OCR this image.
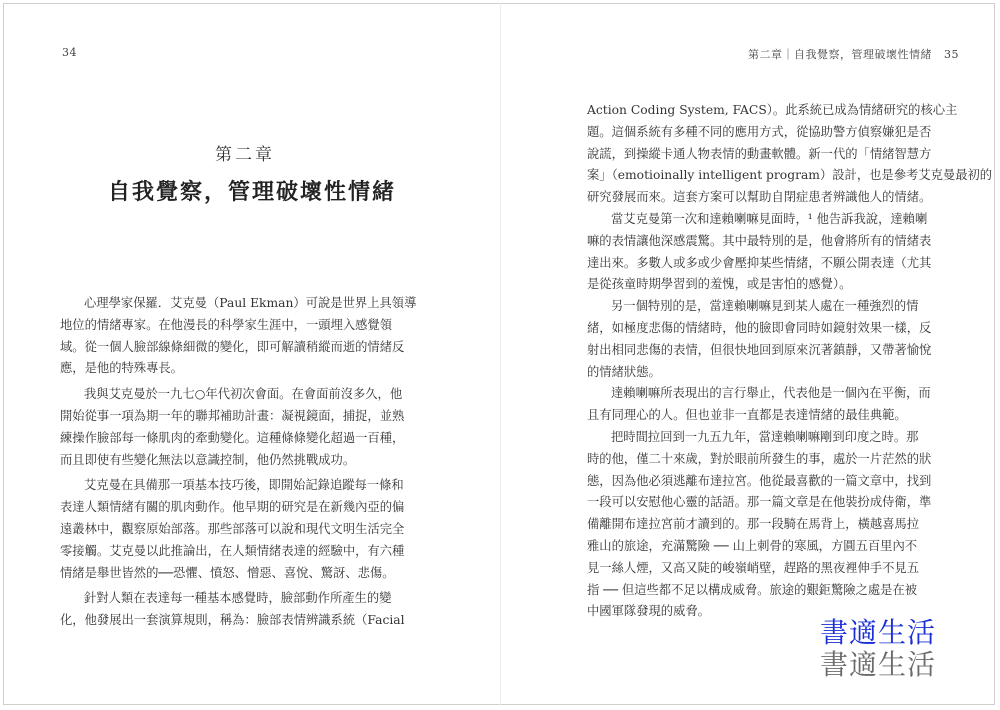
34	第二章｜自我覺察，管理破壞性情緒 35
第二章
自我覺察，管理破壞性情緒
心理學家保羅．艾克曼（Paul Ekman）可說是世界上具領導
地位的情緒專家。在他漫長的科學家生涯中，一頭埋入感覺領
域。從一個人臉部線條細微的變化，即可解讀稍縱而逝的情緒反
應，是他的特殊專長。
我與艾克曼於一九七○年代初次會面。在會面前沒多久，他
開始從事一項為期一年的聯邦補助計畫：凝視鏡面，捕捉，並熟
練操作臉部每一條肌肉的牽動變化。這種條條變化超過一百種，
而且即使有些變化無法以意識控制，他仍然挑戰成功。
艾克曼在具備那一項基本技巧後，即開始記錄追蹤每一條和
表達人類情緒有關的肌肉動作。他早期的研究是在新幾內亞的偏
遠叢林中，觀察原始部落。那些部落可以說和現代文明生活完全
零接觸。艾克曼以此推論出，在人類情緒表達的經驗中，有六種
情緒是舉世皆然的──恐懼、憤怒、憎惡、喜悅、驚訝、悲傷。
針對人類在表達每一種基本感覺時，臉部動作所產生的變
化，他發展出一套演算規則，稱為：臉部表情辨識系統（Facial
Action Coding System, FACS）。此系統已成為情緒研究的核心主
題。這個系統有多種不同的應用方式，從協助警方偵察嫌犯是否
說謊，到操縱卡通人物表情的動畫軟體。新一代的「情緒智慧方
案」（emotioinally intelligent program）設計，也是參考艾克曼最初的
研究發展而來。這套方案可以幫助自閉症患者辨識他人的情緒。
當艾克曼第一次和達賴喇嘛見面時，¹ 他告訴我說，達賴喇
嘛的表情讓他深感震驚。其中最特別的是，他會將所有的情緒表
達出來。多數人或多或少會壓抑某些情緒，不願公開表達（尤其
是從孩童時期學習到的羞愧，或是害怕的感覺）。
另一個特別的是，當達賴喇嘛見到某人處在一種強烈的情
緒，如極度悲傷的情緒時，他的臉即會同時如鏡射效果一樣，反
射出相同悲傷的表情，但很快地回到原來沉著鎮靜，又帶著愉悅
的情緒狀態。
達賴喇嘛所表現出的言行舉止，代表他是一個內在平衡，而
且有同理心的人。但也並非一直都是表達情緒的最佳典範。
把時間拉回到一九五九年，當達賴喇嘛剛到印度之時。那
時的他，僅二十來歲，對於眼前所發生的事，處於一片茫然的狀
態，因為他必須逃離布達拉宮。他從最喜歡的一篇文章中，找到
一段可以安慰他心靈的話語。那一篇文章是在他裝扮成侍衛，準
備離開布達拉宮前才讀到的。那一段騎在馬背上，橫越喜馬拉
雅山的旅途，充滿驚險 ── 山上刺骨的寒風，方圓五百里內不
見一絲人煙，又高又陡的峻嶺峭壁，趕路的黑夜裡伸手不見五
指 ── 但這些都不足以構成威脅。旅途的艱鉅驚險之處是在被
中國軍隊發現的威脅。
書適生活
書適生活
